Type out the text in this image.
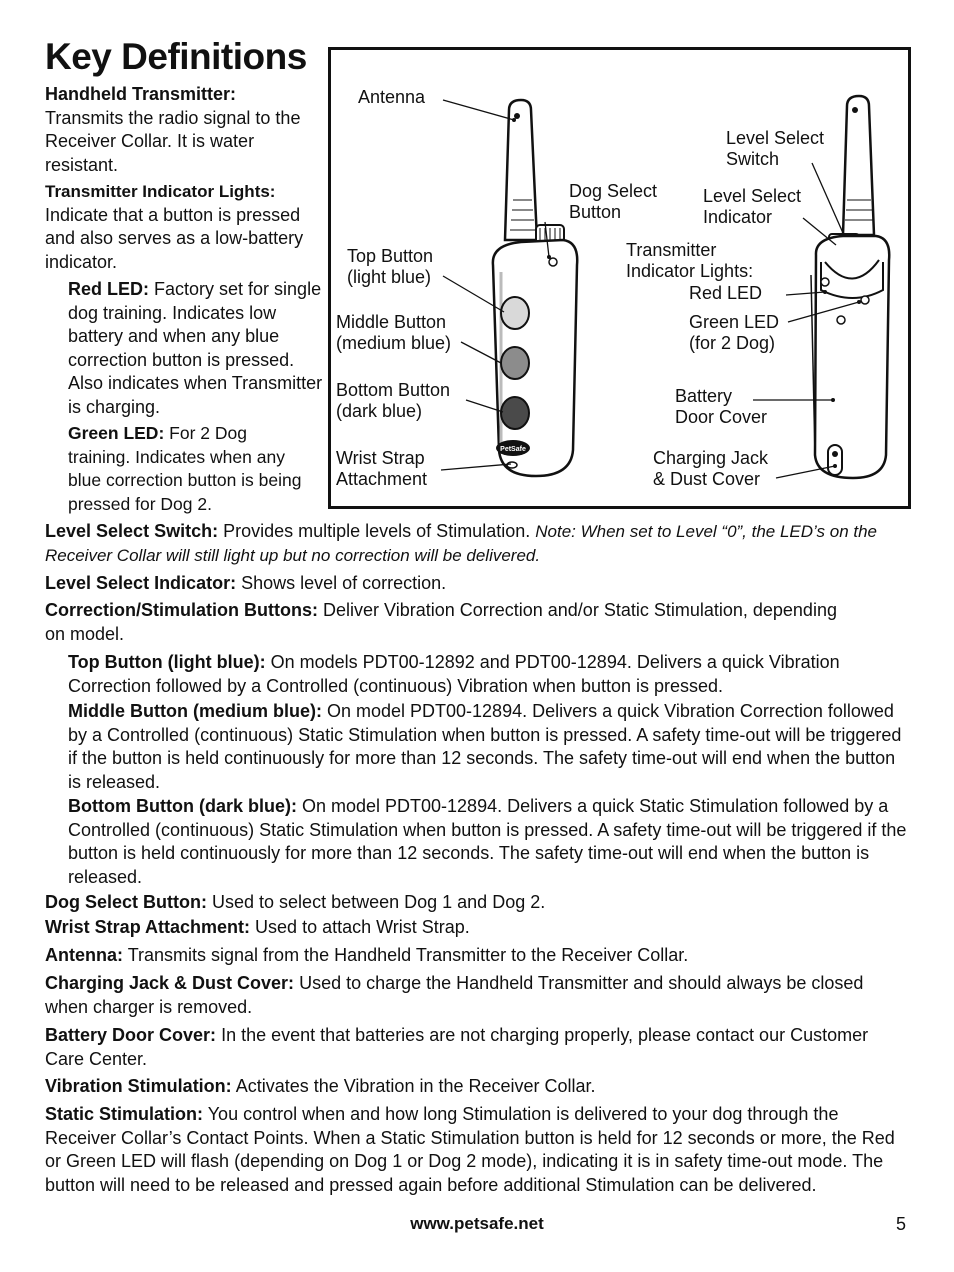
Key Definitions

Handheld Transmitter:
Transmits the radio signal to the Receiver Collar. It is water resistant.

Transmitter Indicator Lights:
Indicate that a button is pressed and also serves as a low-battery indicator.

Red LED: Factory set for single dog training. Indicates low battery and when any blue correction button is pressed. Also indicates when Transmitter is charging.

Green LED: For 2 Dog training. Indicates when any blue correction button is being pressed for Dog 2.

PetSafe
Antenna
Dog Select
Button
Level Select
Switch
Level Select
Indicator
Top Button
(light blue)
Transmitter
Indicator Lights:
Red LED
Middle Button
(medium blue)
Green LED
(for 2 Dog)
Bottom Button
(dark blue)
Battery
Door Cover
Wrist Strap
Attachment
Charging Jack
& Dust Cover

Level Select Switch: Provides multiple levels of Stimulation. Note: When set to Level “0”, the LED’s on the Receiver Collar will still light up but no correction will be delivered.

Level Select Indicator: Shows level of correction.

Correction/Stimulation Buttons: Deliver Vibration Correction and/or Static Stimulation, depending on model.

Top Button (light blue): On models PDT00-12892 and PDT00-12894. Delivers a quick Vibration Correction followed by a Controlled (continuous) Vibration when button is pressed.

Middle Button (medium blue): On model PDT00-12894. Delivers a quick Vibration Correction followed by a Controlled (continuous) Static Stimulation when button is pressed. A safety time-out will be triggered if the button is held continuously for more than 12 seconds. The safety time-out will end when the button is released.

Bottom Button (dark blue): On model PDT00-12894. Delivers a quick Static Stimulation followed by a Controlled (continuous) Static Stimulation when button is pressed. A safety time-out will be triggered if the button is held continuously for more than 12 seconds. The safety time-out will end when the button is released.

Dog Select Button: Used to select between Dog 1 and Dog 2.

Wrist Strap Attachment: Used to attach Wrist Strap.

Antenna: Transmits signal from the Handheld Transmitter to the Receiver Collar.

Charging Jack & Dust Cover: Used to charge the Handheld Transmitter and should always be closed when charger is removed.

Battery Door Cover: In the event that batteries are not charging properly, please contact our Customer Care Center.

Vibration Stimulation: Activates the Vibration in the Receiver Collar.

Static Stimulation: You control when and how long Stimulation is delivered to your dog through the Receiver Collar’s Contact Points. When a Static Stimulation button is held for 12 seconds or more, the Red or Green LED will flash (depending on Dog 1 or Dog 2 mode), indicating it is in safety time-out mode. The button will need to be released and pressed again before additional Stimulation can be delivered.

www.petsafe.net	5
